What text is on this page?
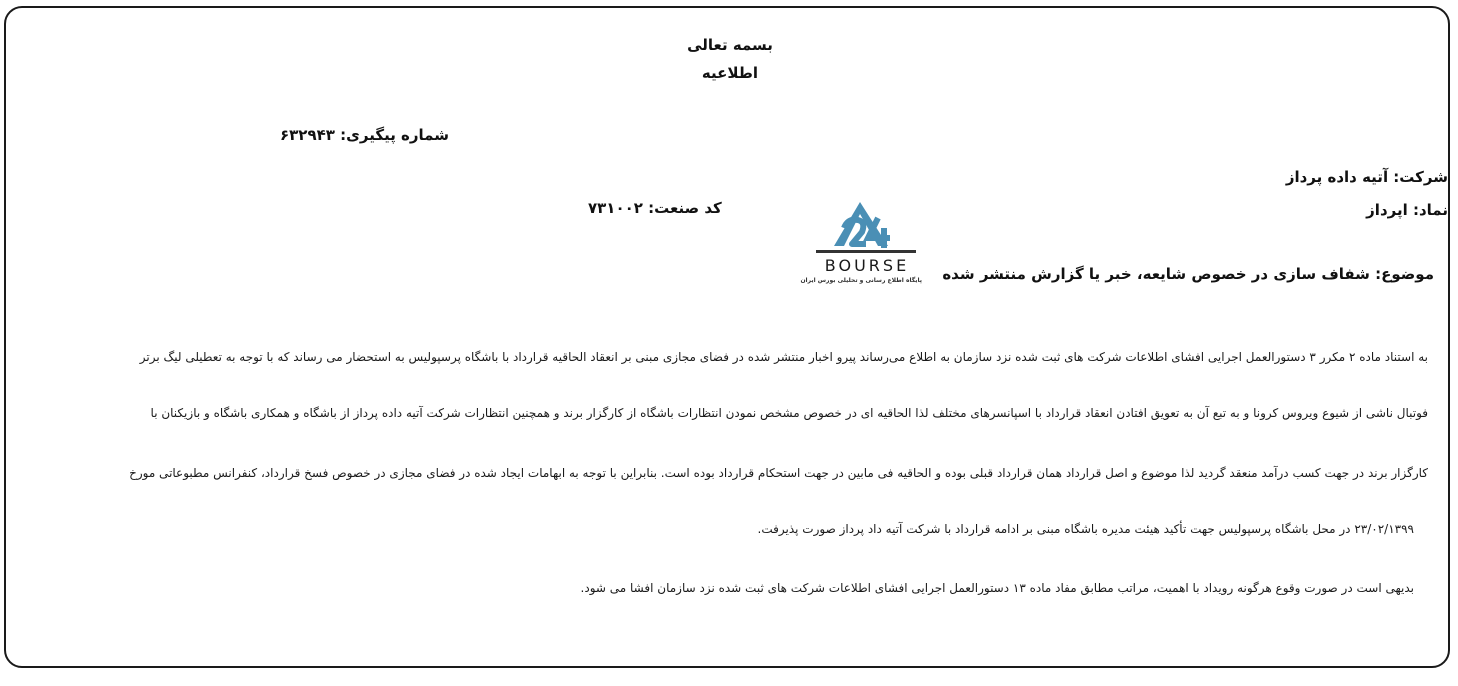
بسمه تعالی
اطلاعیه
شماره پیگیری: ۶۳۲۹۴۳
شرکت: آتیه داده پرداز
نماد: اپرداز
کد صنعت: ۷۳۱۰۰۲
موضوع: شفاف سازی در خصوص شایعه، خبر یا گزارش منتشر شده
BOURSE
پایگاه اطلاع رسانی و تحلیلی بورس ایران
به استناد ماده ۲ مکرر ۳ دستورالعمل اجرایی افشای اطلاعات شرکت های ثبت شده نزد سازمان به اطلاع می‌رساند پیرو اخبار منتشر شده در فضای مجازی مبنی بر انعقاد الحاقیه قرارداد با باشگاه پرسپولیس به استحضار می رساند که با توجه به تعطیلی لیگ برتر
فوتبال ناشی از شیوع ویروس کرونا و به تبع آن به تعویق افتادن انعقاد قرارداد با اسپانسرهای مختلف لذا الحاقیه ای در خصوص مشخص نمودن انتظارات باشگاه از کارگزار برند و همچنین انتظارات شرکت آتیه داده پرداز از باشگاه و همکاری باشگاه و بازیکنان با
کارگزار برند در جهت کسب درآمد منعقد گردید لذا موضوع و اصل قرارداد همان قرارداد قبلی بوده و الحاقیه فی مابین در جهت استحکام قرارداد بوده است. بنابراین با توجه به ابهامات ایجاد شده در فضای مجازی در خصوص فسخ قرارداد، کنفرانس مطبوعاتی مورخ
۲۳/۰۲/۱۳۹۹ در محل باشگاه پرسپولیس جهت تأکید هیئت مدیره باشگاه مبنی بر ادامه قرارداد با شرکت آتیه داد پرداز صورت پذیرفت.
بدیهی است در صورت وقوع هرگونه رویداد با اهمیت، مراتب مطابق مفاد ماده ۱۳ دستورالعمل اجرایی افشای اطلاعات شرکت های ثبت شده نزد سازمان افشا می شود.
